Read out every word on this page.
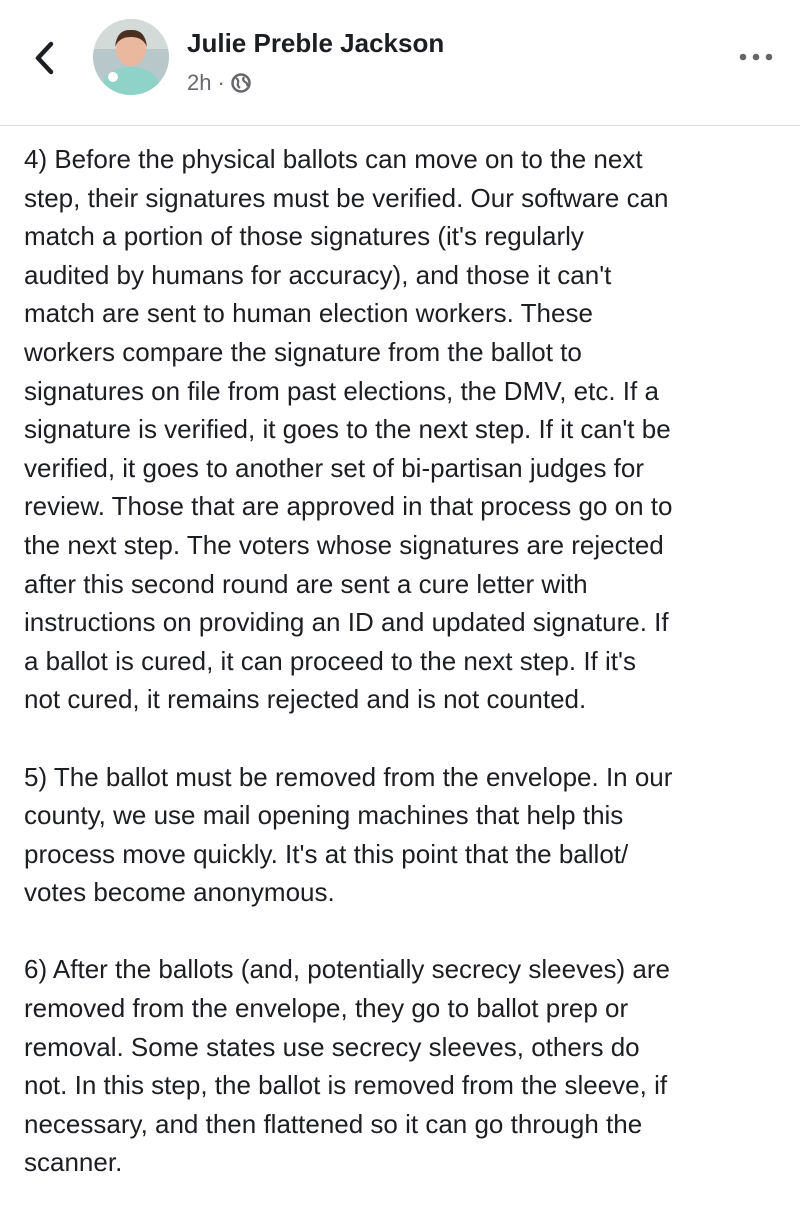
Julie Preble Jackson
2h ·

4) Before the physical ballots can move on to the next
step, their signatures must be verified. Our software can
match a portion of those signatures (it's regularly
audited by humans for accuracy), and those it can't
match are sent to human election workers. These
workers compare the signature from the ballot to
signatures on file from past elections, the DMV, etc. If a
signature is verified, it goes to the next step. If it can't be
verified, it goes to another set of bi-partisan judges for
review. Those that are approved in that process go on to
the next step. The voters whose signatures are rejected
after this second round are sent a cure letter with
instructions on providing an ID and updated signature. If
a ballot is cured, it can proceed to the next step. If it's
not cured, it remains rejected and is not counted.

5) The ballot must be removed from the envelope. In our
county, we use mail opening machines that help this
process move quickly. It's at this point that the ballot/
votes become anonymous.

6) After the ballots (and, potentially secrecy sleeves) are
removed from the envelope, they go to ballot prep or
removal. Some states use secrecy sleeves, others do
not. In this step, the ballot is removed from the sleeve, if
necessary, and then flattened so it can go through the
scanner.
